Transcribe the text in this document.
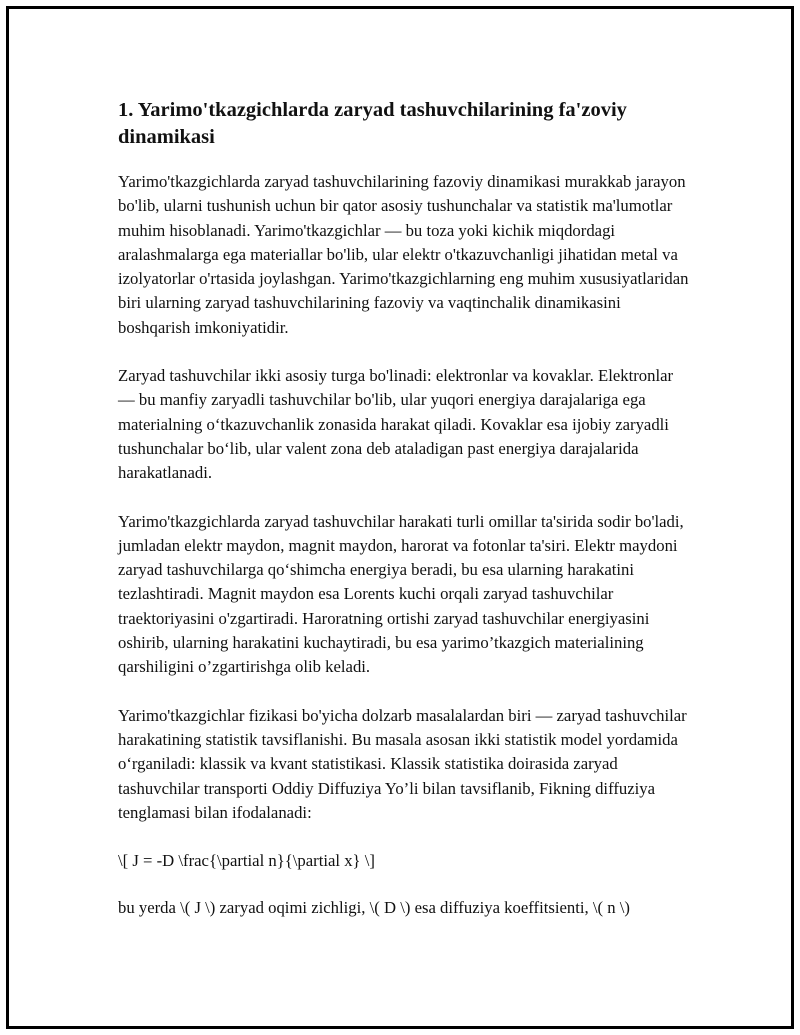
1. Yarimo'tkazgichlarda zaryad tashuvchilarining fa'zoviy dinamikasi

Yarimo'tkazgichlarda zaryad tashuvchilarining fazoviy dinamikasi murakkab jarayon bo'lib, ularni tushunish uchun bir qator asosiy tushunchalar va statistik ma'lumotlar muhim hisoblanadi. Yarimo'tkazgichlar — bu toza yoki kichik miqdordagi aralashmalarga ega materiallar bo'lib, ular elektr o'tkazuvchanligi jihatidan metal va izolyatorlar o'rtasida joylashgan. Yarimo'tkazgichlarning eng muhim xususiyatlaridan biri ularning zaryad tashuvchilarining fazoviy va vaqtinchalik dinamikasini boshqarish imkoniyatidir.

Zaryad tashuvchilar ikki asosiy turga bo'linadi: elektronlar va kovaklar. Elektronlar — bu manfiy zaryadli tashuvchilar bo'lib, ular yuqori energiya darajalariga ega materialning o‘tkazuvchanlik zonasida harakat qiladi. Kovaklar esa ijobiy zaryadli tushunchalar bo‘lib, ular valent zona deb ataladigan past energiya darajalarida harakatlanadi.

Yarimo'tkazgichlarda zaryad tashuvchilar harakati turli omillar ta'sirida sodir bo'ladi, jumladan elektr maydon, magnit maydon, harorat va fotonlar ta'siri. Elektr maydoni zaryad tashuvchilarga qo‘shimcha energiya beradi, bu esa ularning harakatini tezlashtiradi. Magnit maydon esa Lorents kuchi orqali zaryad tashuvchilar traektoriyasini o'zgartiradi. Haroratning ortishi zaryad tashuvchilar energiyasini oshirib, ularning harakatini kuchaytiradi, bu esa yarimo’tkazgich materialining qarshiligini o’zgartirishga olib keladi.

Yarimo'tkazgichlar fizikasi bo'yicha dolzarb masalalardan biri — zaryad tashuvchilar harakatining statistik tavsiflanishi. Bu masala asosan ikki statistik model yordamida o‘rganiladi: klassik va kvant statistikasi. Klassik statistika doirasida zaryad tashuvchilar transporti Oddiy Diffuziya Yo’li bilan tavsiflanib, Fikning diffuziya tenglamasi bilan ifodalanadi:

\[ J = -D \frac{\partial n}{\partial x} \]

bu yerda \( J \) zaryad oqimi zichligi, \( D \) esa diffuziya koeffitsienti, \( n \)
